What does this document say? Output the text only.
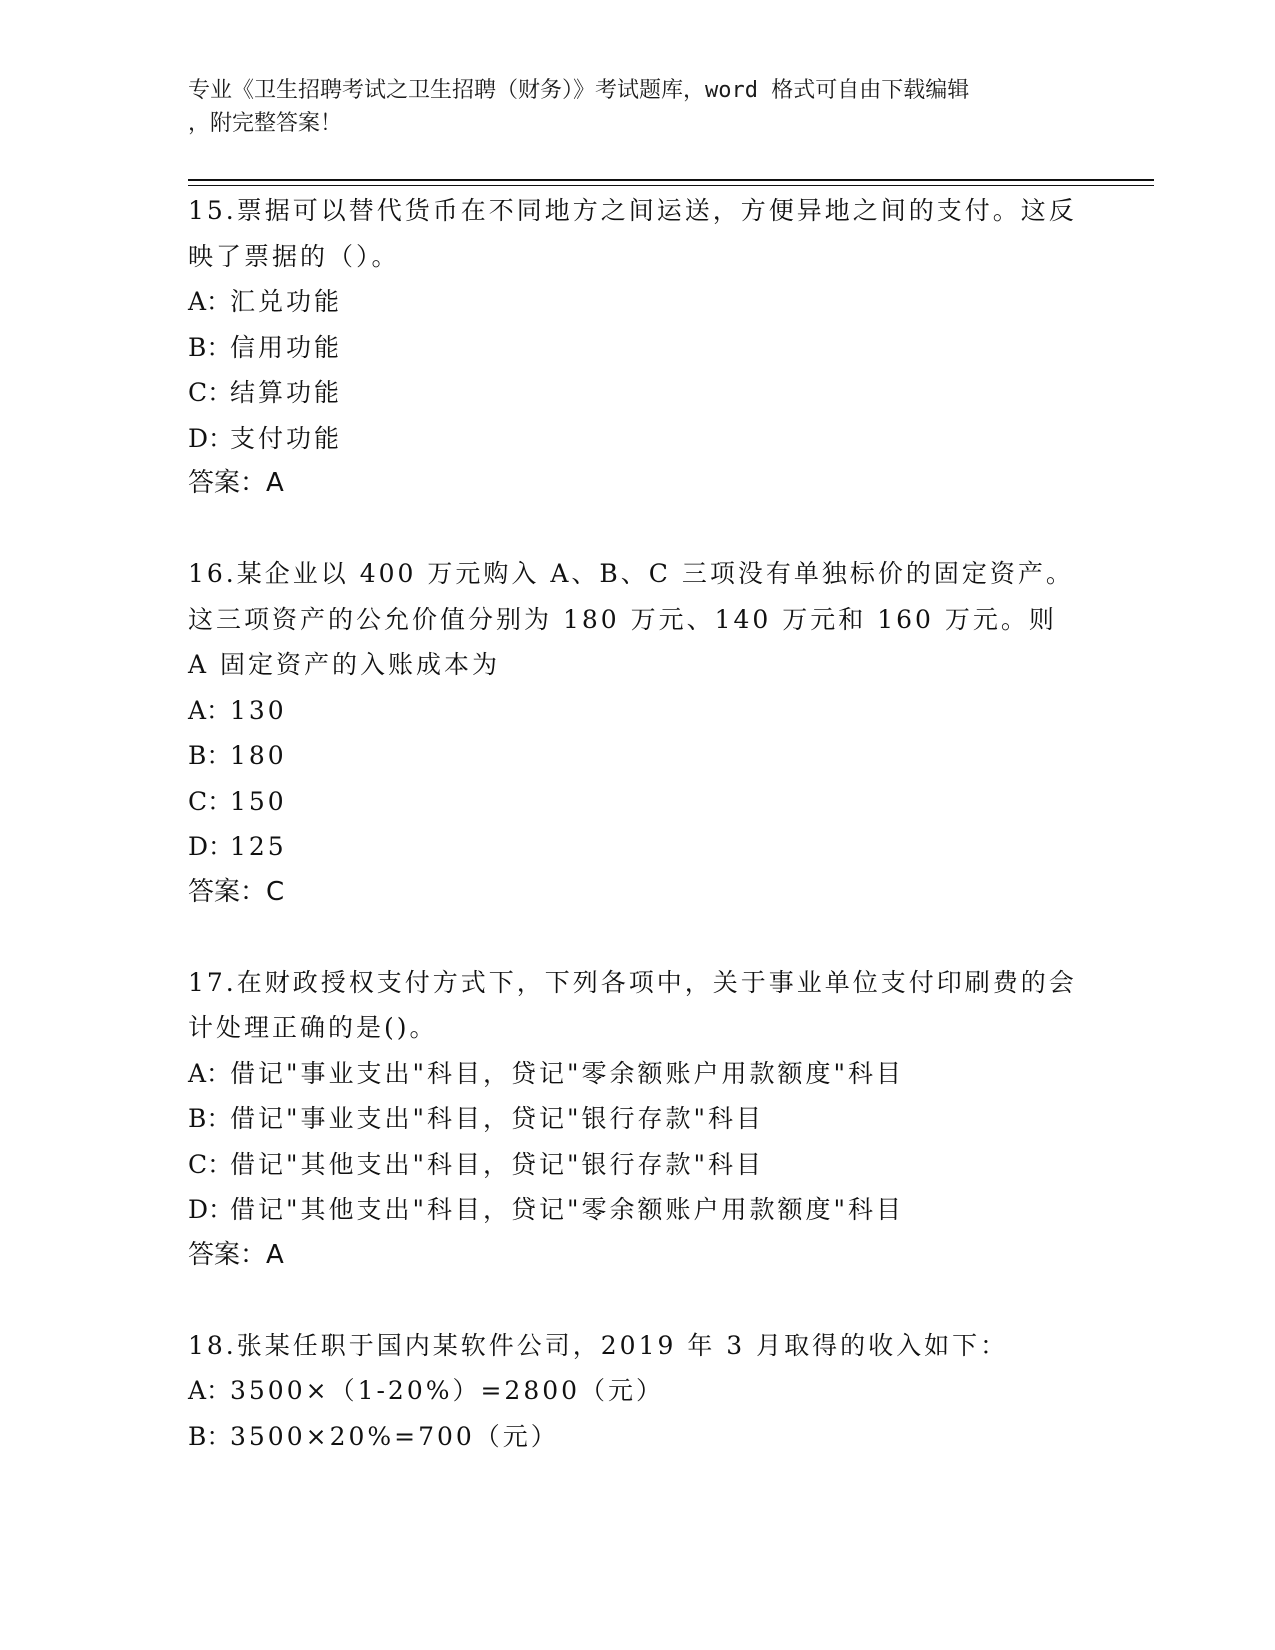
专业《卫生招聘考试之卫生招聘（财务）》考试题库，word 格式可自由下载编辑
，附完整答案！

15.票据可以替代货币在不同地方之间运送，方便异地之间的支付。这反映了票据的（）。

A：汇兑功能

B：信用功能

C：结算功能

D：支付功能

答案：A

16.某企业以 400 万元购入 A、B、C 三项没有单独标价的固定资产。这三项资产的公允价值分别为 180 万元、140 万元和 160 万元。则 A 固定资产的入账成本为

A：130

B：180

C：150

D：125

答案：C

17.在财政授权支付方式下，下列各项中，关于事业单位支付印刷费的会计处理正确的是()。

A：借记"事业支出"科目，贷记"零余额账户用款额度"科目

B：借记"事业支出"科目，贷记"银行存款"科目

C：借记"其他支出"科目，贷记"银行存款"科目

D：借记"其他支出"科目，贷记"零余额账户用款额度"科目

答案：A

18.张某任职于国内某软件公司，2019 年 3 月取得的收入如下：

A：3500×（1-20%）=2800（元）

B：3500×20%=700（元）
